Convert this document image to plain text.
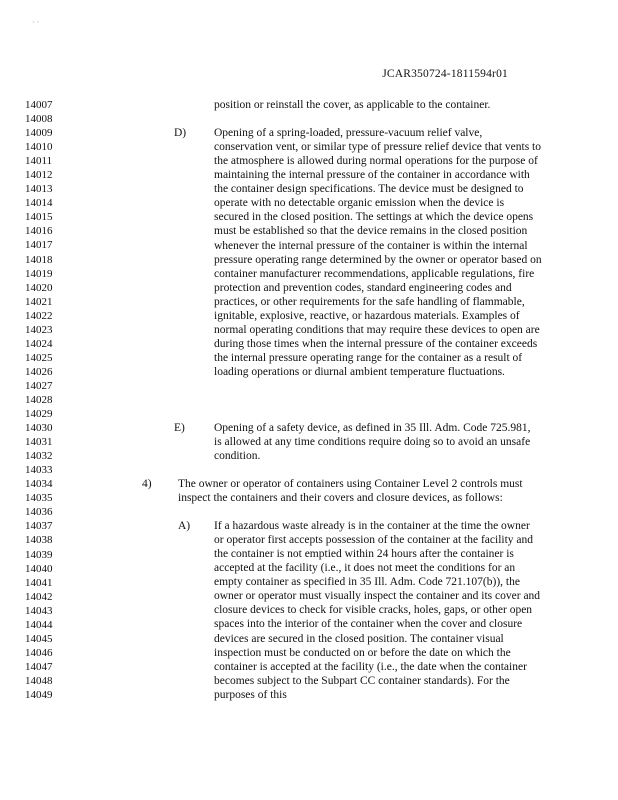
· ·
JCAR350724-1811594r01
14007
14008
14009
14010
14011
14012
14013
14014
14015
14016
14017
14018
14019
14020
14021
14022
14023
14024
14025
14026
14027
14028
14029
14030
14031
14032
14033
14034
14035
14036
14037
14038
14039
14040
14041
14042
14043
14044
14045
14046
14047
14048
14049

position or reinstall the cover, as applicable to the container.

D) Opening of a spring-loaded, pressure-vacuum relief valve, conservation vent, or similar type of pressure relief device that vents to the atmosphere is allowed during normal operations for the purpose of maintaining the internal pressure of the container in accordance with the container design specifications. The device must be designed to operate with no detectable organic emission when the device is secured in the closed position. The settings at which the device opens must be established so that the device remains in the closed position whenever the internal pressure of the container is within the internal pressure operating range determined by the owner or operator based on container manufacturer recommendations, applicable regulations, fire protection and prevention codes, standard engineering codes and practices, or other requirements for the safe handling of flammable, ignitable, explosive, reactive, or hazardous materials. Examples of normal operating conditions that may require these devices to open are during those times when the internal pressure of the container exceeds the internal pressure operating range for the container as a result of loading operations or diurnal ambient temperature fluctuations.

E)	Opening of a safety device, as defined in 35 Ill. Adm. Code 725.981, is allowed at any time conditions require doing so to avoid an unsafe condition.

4) The owner or operator of containers using Container Level 2 controls must inspect the containers and their covers and closure devices, as follows:

A) If a hazardous waste already is in the container at the time the owner or operator first accepts possession of the container at the facility and the container is not emptied within 24 hours after the container is accepted at the facility (i.e., it does not meet the conditions for an empty container as specified in 35 Ill. Adm. Code 721.107(b)), the owner or operator must visually inspect the container and its cover and closure devices to check for visible cracks, holes, gaps, or other open spaces into the interior of the container when the cover and closure devices are secured in the closed position. The container visual inspection must be conducted on or before the date on which the container is accepted at the facility (i.e., the date when the container becomes subject to the Subpart CC container standards). For the purposes of this
